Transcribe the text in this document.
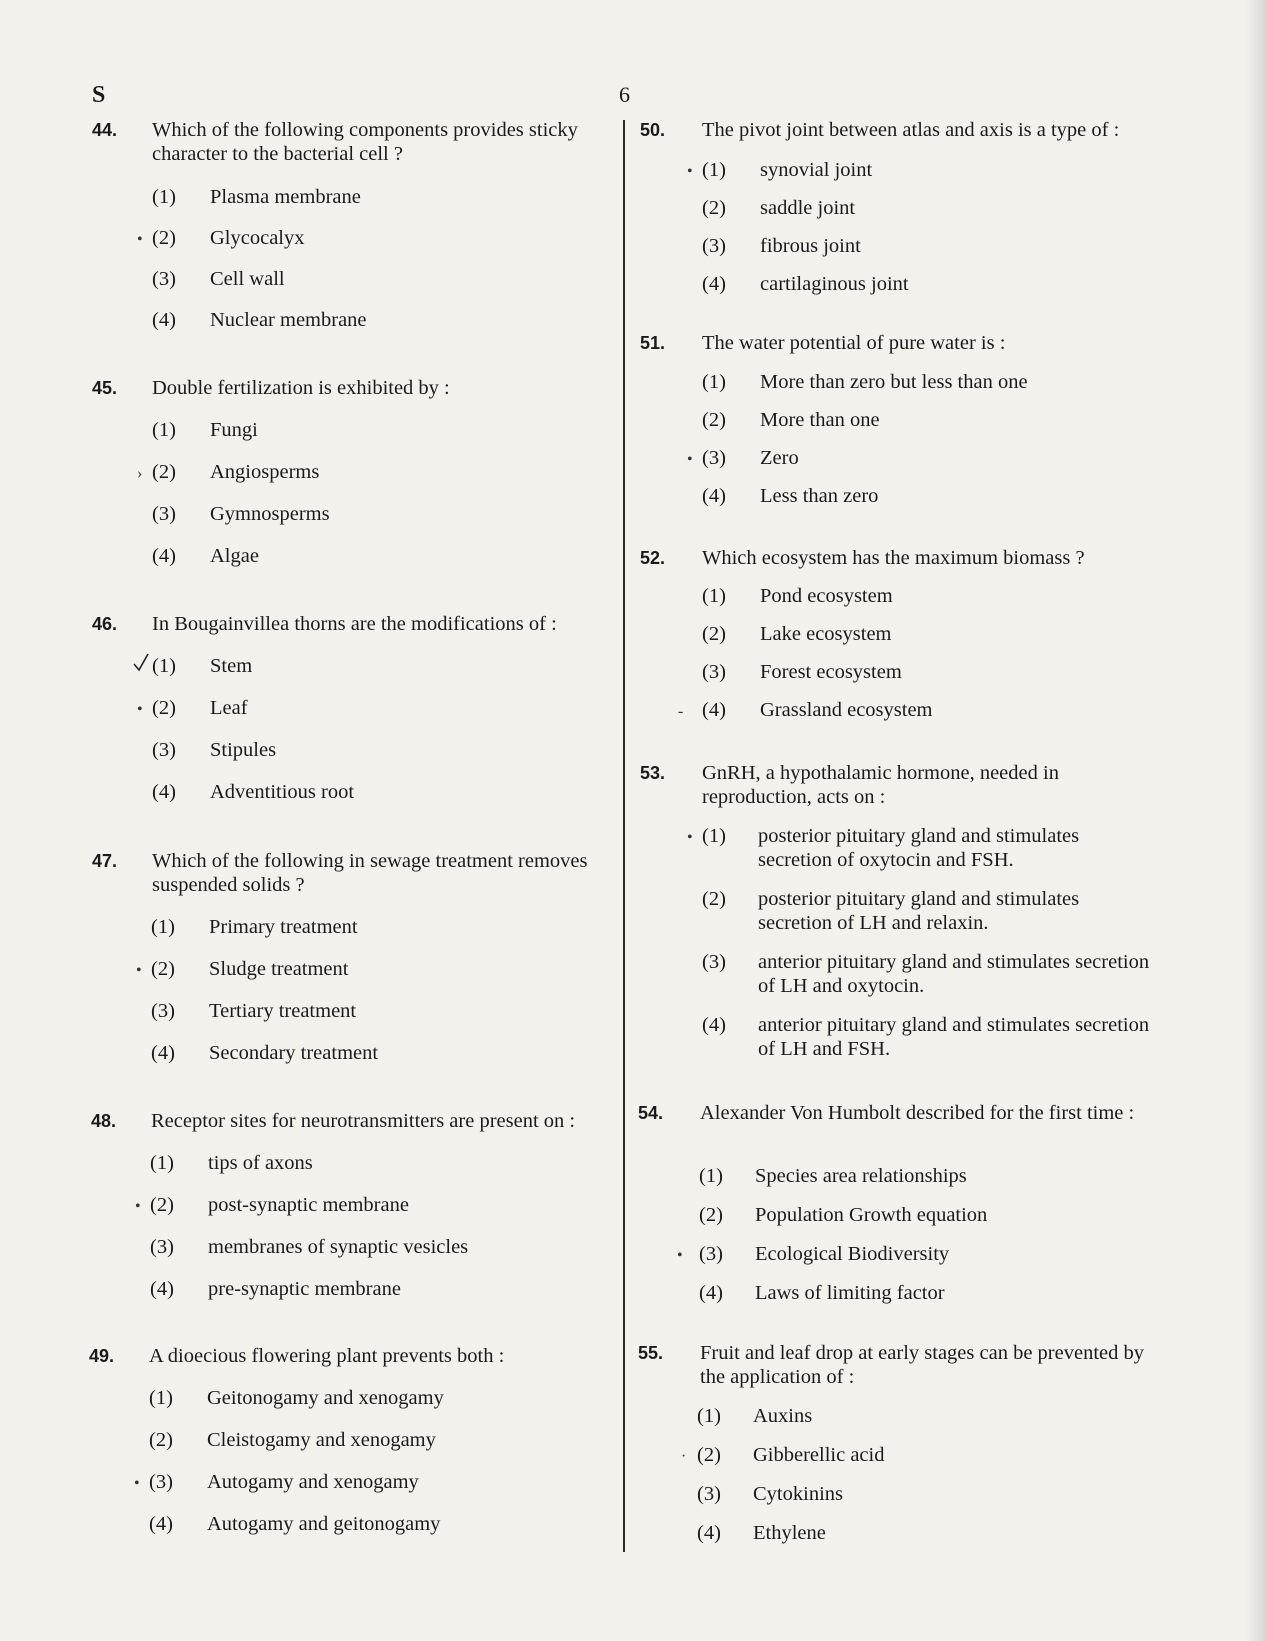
S	6
44. Which of the following components provides sticky character to the bacterial cell ?
(1) Plasma membrane
• (2) Glycocalyx
(3) Cell wall
(4) Nuclear membrane
45. Double fertilization is exhibited by :
(1) Fungi
› (2) Angiosperms
(3) Gymnosperms
(4) Algae
46. In Bougainvillea thorns are the modifications of :
(1) Stem
• (2) Leaf
(3) Stipules
(4) Adventitious root
47. Which of the following in sewage treatment removes suspended solids ?
(1) Primary treatment
• (2) Sludge treatment
(3) Tertiary treatment
(4) Secondary treatment
48. Receptor sites for neurotransmitters are present on :
(1) tips of axons
• (2) post-synaptic membrane
(3) membranes of synaptic vesicles
(4) pre-synaptic membrane
49. A dioecious flowering plant prevents both :
(1) Geitonogamy and xenogamy
(2) Cleistogamy and xenogamy
• (3) Autogamy and xenogamy
(4) Autogamy and geitonogamy
50. The pivot joint between atlas and axis is a type of :
• (1) synovial joint
(2) saddle joint
(3) fibrous joint
(4) cartilaginous joint
51. The water potential of pure water is :
(1) More than zero but less than one
(2) More than one
• (3) Zero
(4) Less than zero
52. Which ecosystem has the maximum biomass ?
(1) Pond ecosystem
(2) Lake ecosystem
(3) Forest ecosystem
- (4) Grassland ecosystem
53. GnRH, a hypothalamic hormone, needed in reproduction, acts on :
• (1) posterior pituitary gland and stimulates secretion of oxytocin and FSH.
(2) posterior pituitary gland and stimulates secretion of LH and relaxin.
(3) anterior pituitary gland and stimulates secretion of LH and oxytocin.
(4) anterior pituitary gland and stimulates secretion of LH and FSH.
54. Alexander Von Humbolt described for the first time :
(1) Species area relationships
(2) Population Growth equation
• (3) Ecological Biodiversity
(4) Laws of limiting factor
55. Fruit and leaf drop at early stages can be prevented by the application of :
(1) Auxins
· (2) Gibberellic acid
(3) Cytokinins
(4) Ethylene
